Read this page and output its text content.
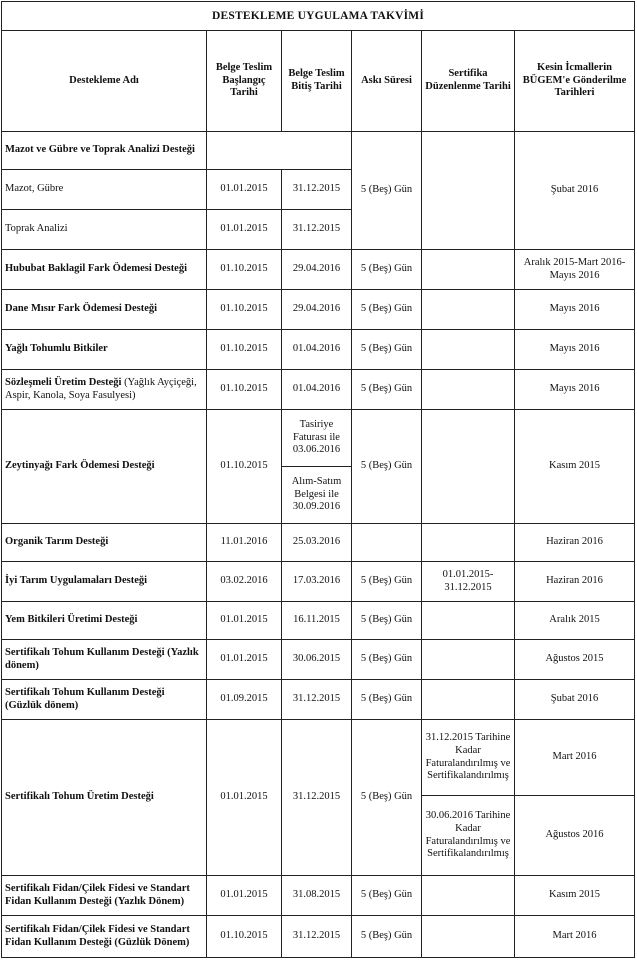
DESTEKLEME UYGULAMA TAKVİMİ					
Destekleme Adı	Belge Teslim Başlangıç Tarihi	Belge Teslim Bitiş Tarihi	Askı Süresi	Sertifika Düzenlenme Tarihi	Kesin İcmallerin BÜGEM'e Gönderilme Tarihleri
Mazot ve Gübre ve Toprak Analizi Desteği			5 (Beş) Gün		Şubat 2016
Mazot, Gübre	01.01.2015	31.12.2015			
Toprak Analizi	01.01.2015	31.12.2015			
Hububat Baklagil Fark Ödemesi Desteği	01.10.2015	29.04.2016	5 (Beş) Gün		Aralık 2015-Mart 2016-Mayıs 2016
Dane Mısır Fark Ödemesi Desteği	01.10.2015	29.04.2016	5 (Beş) Gün		Mayıs 2016
Yağlı Tohumlu Bitkiler	01.10.2015	01.04.2016	5 (Beş) Gün		Mayıs 2016
Sözleşmeli Üretim Desteği (Yağlık Ayçiçeği, Aspir, Kanola, Soya Fasulyesi)	01.10.2015	01.04.2016	5 (Beş) Gün		Mayıs 2016
Zeytinyağı Fark Ödemesi Desteği	01.10.2015	Tasiriye Faturası ile 03.06.2016	5 (Beş) Gün		Kasım 2015
		Alım-Satım Belgesi ile 30.09.2016			
Organik Tarım Desteği	11.01.2016	25.03.2016			Haziran 2016
İyi Tarım Uygulamaları Desteği	03.02.2016	17.03.2016	5 (Beş) Gün	01.01.2015-31.12.2015	Haziran 2016
Yem Bitkileri Üretimi Desteği	01.01.2015	16.11.2015	5 (Beş) Gün		Aralık 2015
Sertifikalı Tohum Kullanım Desteği (Yazlık dönem)	01.01.2015	30.06.2015	5 (Beş) Gün		Ağustos 2015
Sertifikalı Tohum Kullanım Desteği (Güzlük dönem)	01.09.2015	31.12.2015	5 (Beş) Gün		Şubat 2016
Sertifikalı Tohum Üretim Desteği	01.01.2015	31.12.2015	5 (Beş) Gün	31.12.2015 Tarihine Kadar Faturalandırılmış ve Sertifikalandırılmış	Mart 2016
				30.06.2016 Tarihine Kadar Faturalandırılmış ve Sertifikalandırılmış	Ağustos 2016
Sertifikalı Fidan/Çilek Fidesi ve Standart Fidan Kullanım Desteği (Yazlık Dönem)	01.01.2015	31.08.2015	5 (Beş) Gün		Kasım 2015
Sertifikalı Fidan/Çilek Fidesi ve Standart Fidan Kullanım Desteği (Güzlük Dönem)	01.10.2015	31.12.2015	5 (Beş) Gün		Mart 2016
